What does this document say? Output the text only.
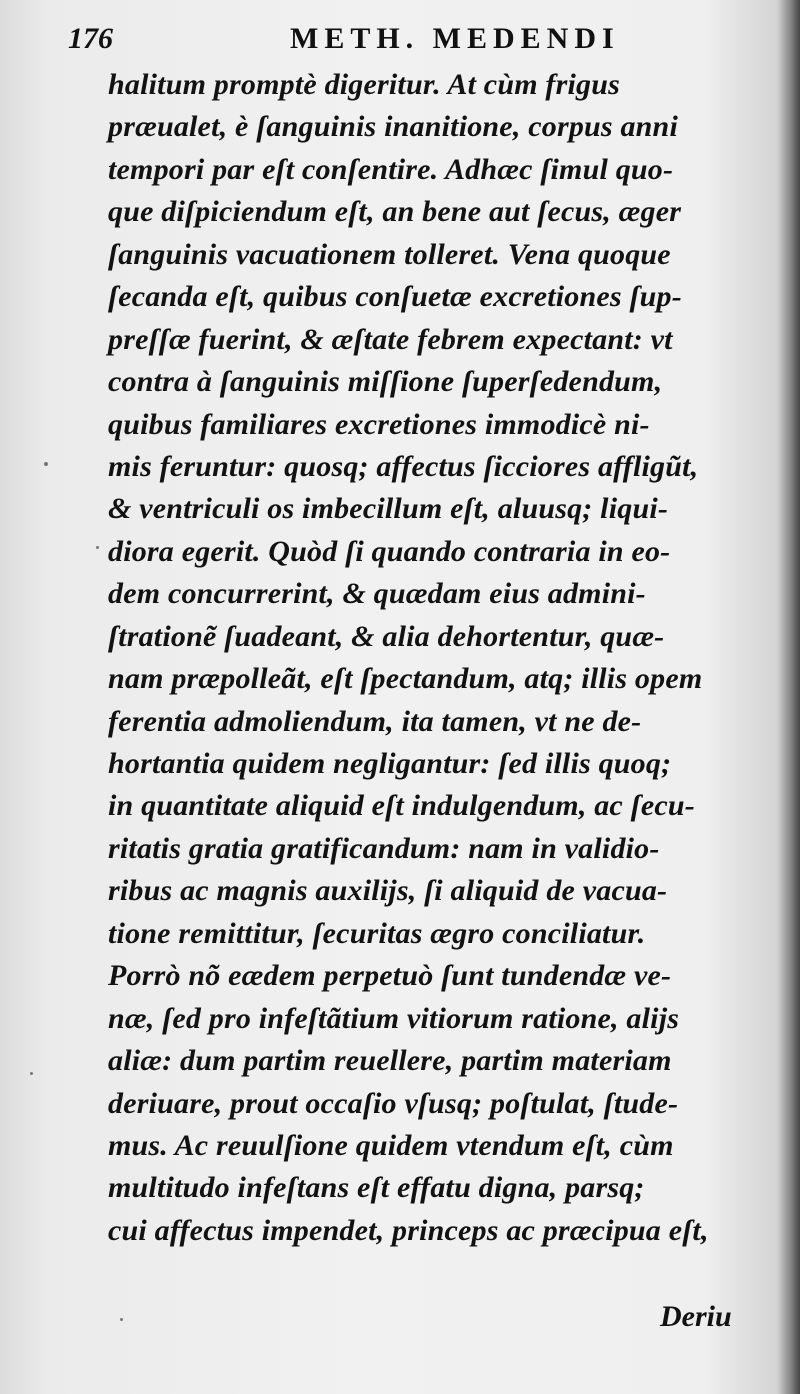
176	METH. MEDENDI
halitum promptè digeritur. At cùm frigus
præualet, è ſanguinis inanitione, corpus anni
tempori par eſt conſentire. Adhæc ſimul quo-
que diſpiciendum eſt, an bene aut ſecus, æger
ſanguinis vacuationem tolleret. Vena quoque
ſecanda eſt, quibus conſuetæ excretiones ſup-
preſſæ fuerint, & æſtate febrem expectant: vt
contra à ſanguinis miſſione ſuperſedendum,
quibus familiares excretiones immodicè ni-
mis feruntur: quosq; affectus ſicciores affligũt,
& ventriculi os imbecillum eſt, aluusq; liqui-
diora egerit. Quòd ſi quando contraria in eo-
dem concurrerint, & quædam eius admini-
ſtrationẽ ſuadeant, & alia dehortentur, quæ-
nam præpolleãt, eſt ſpectandum, atq; illis opem
ferentia admoliendum, ita tamen, vt ne de-
hortantia quidem negligantur: ſed illis quoq;
in quantitate aliquid eſt indulgendum, ac ſecu-
ritatis gratia gratificandum: nam in validio-
ribus ac magnis auxilijs, ſi aliquid de vacua-
tione remittitur, ſecuritas ægro conciliatur.
Porrò nõ eædem perpetuò ſunt tundendæ ve-
næ, ſed pro infeſtãtium vitiorum ratione, alijs
aliæ: dum partim reuellere, partim materiam
deriuare, prout occaſio vſusq; poſtulat, ſtude-
mus. Ac reuulſione quidem vtendum eſt, cùm
multitudo infeſtans eſt effatu digna, parsq;
cui affectus impendet, princeps ac præcipua eſt,
Deriu
